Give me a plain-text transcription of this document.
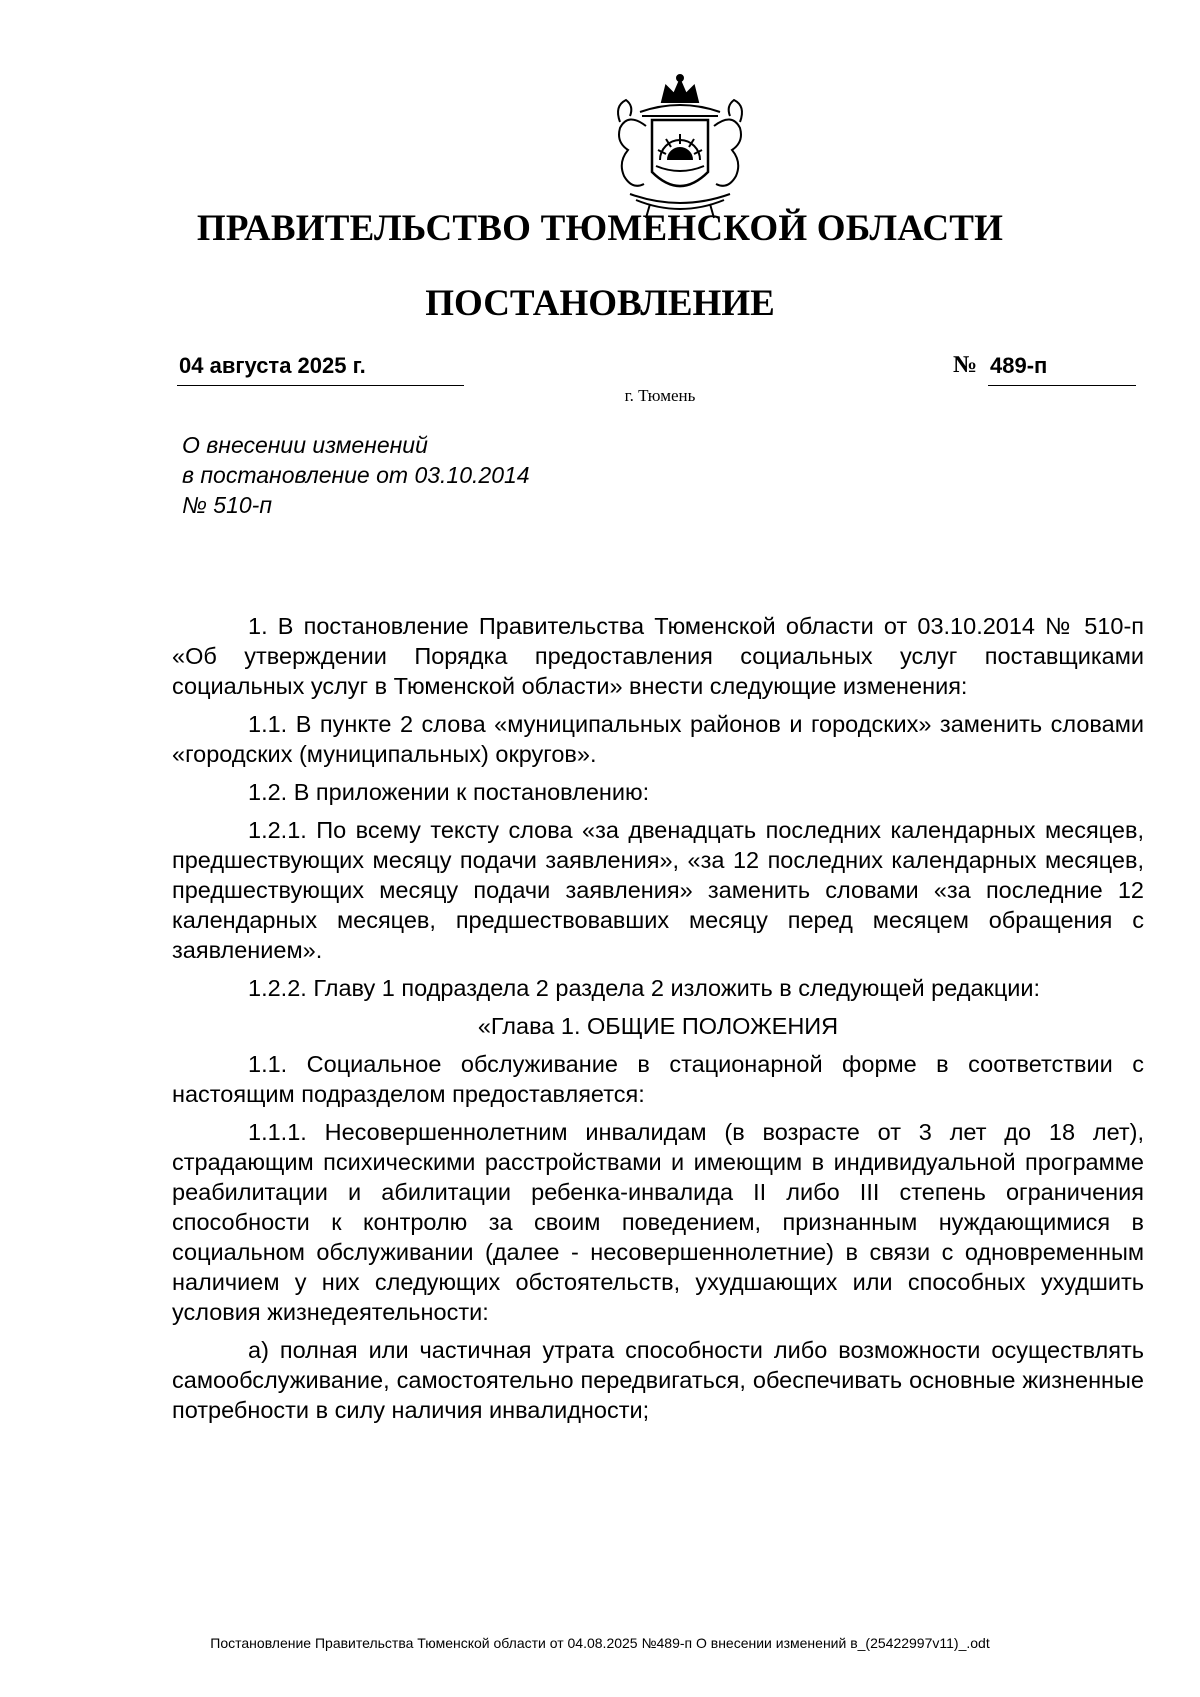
ПРАВИТЕЛЬСТВО ТЮМЕНСКОЙ ОБЛАСТИ
ПОСТАНОВЛЕНИЕ
04 августа 2025 г.	№ 489-п
г. Тюмень
О внесении изменений
в постановление от 03.10.2014
№ 510-п

1. В постановление Правительства Тюменской области от 03.10.2014 № 510-п «Об утверждении Порядка предоставления социальных услуг поставщиками социальных услуг в Тюменской области» внести следующие изменения:

1.1. В пункте 2 слова «муниципальных районов и городских» заменить словами «городских (муниципальных) округов».

1.2. В приложении к постановлению:

1.2.1. По всему тексту слова «за двенадцать последних календарных месяцев, предшествующих месяцу подачи заявления», «за 12 последних календарных месяцев, предшествующих месяцу подачи заявления» заменить словами «за последние 12 календарных месяцев, предшествовавших месяцу перед месяцем обращения с заявлением».

1.2.2. Главу 1 подраздела 2 раздела 2 изложить в следующей редакции:

«Глава 1. ОБЩИЕ ПОЛОЖЕНИЯ

1.1. Социальное обслуживание в стационарной форме в соответствии с настоящим подразделом предоставляется:

1.1.1. Несовершеннолетним инвалидам (в возрасте от 3 лет до 18 лет), страдающим психическими расстройствами и имеющим в индивидуальной программе реабилитации и абилитации ребенка-инвалида II либо III степень ограничения способности к контролю за своим поведением, признанным нуждающимися в социальном обслуживании (далее - несовершеннолетние) в связи с одновременным наличием у них следующих обстоятельств, ухудшающих или способных ухудшить условия жизнедеятельности:

а) полная или частичная утрата способности либо возможности осуществлять самообслуживание, самостоятельно передвигаться, обеспечивать основные жизненные потребности в силу наличия инвалидности;

Постановление Правительства Тюменской области от 04.08.2025 №489-п О внесении изменений в_(25422997v11)_.odt
